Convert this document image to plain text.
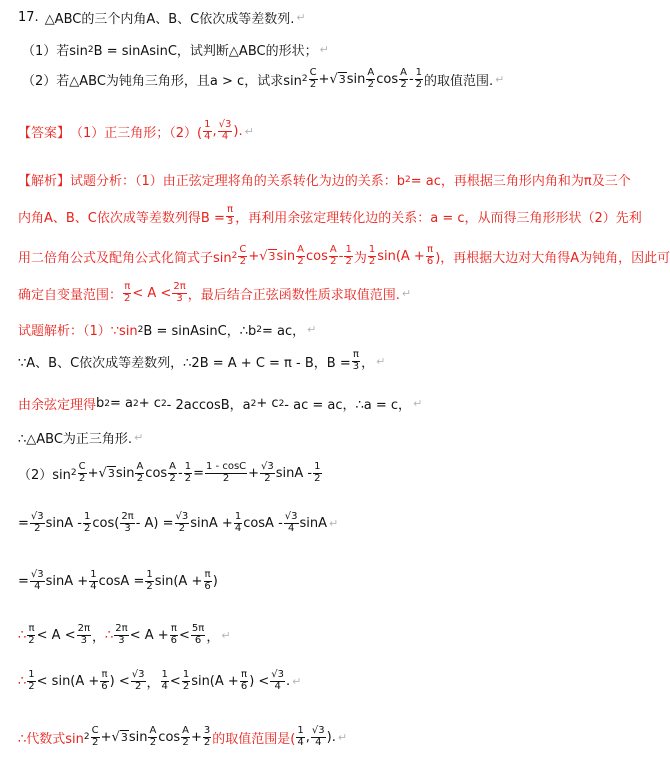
17. △ABC的三个内角A、B、C依次成等差数列. ↵
（1）若sin 2 B = sinAsinC，试判断△ABC的形状； ↵
（2）若△ABC为钝角三角形，且a > c，试求$\sin 2 \frac{C}{2}$ + √ 3 $\sin \frac{A}{2}$ $\cos \frac{A}{2} - \frac{1}{2}$ 的取值范围. ↵
【答案】 （1）正三角形；$(2)( \frac{1}{4}$ , $\frac{√3}{4}$ ). ↵
【解析】 试题分析：（1）由正弦定理将角的关系转化为边的关系：b 2 = ac，再根据三角形内角和为π及三个
内角A、B、C依次成等差数列得$B = \frac{\pi}{3}$ ，再利用余弦定理转化边的关系：a = c，从而得三角形形状（2）先利
用二倍角公式及配角公式化简式子$\sin 2 \frac{C}{2}$ + √ 3 $\sin \frac{A}{2}$ $\cos \frac{A}{2} - \frac{1}{2}$ 为 $\frac{1}{2} \sin(A + \frac{\pi}{6}$ )，再根据大边对大角得A为钝角，因此可
确定自变量范围： $\frac{\pi}{2} < A < \frac{2\pi}{3}$ ，最后结合正弦函数性质求取值范围. ↵
试题解析：（1）∵sin 2 B = sinAsinC，∴b 2 = ac， ↵
∵A、B、C依次成等差数列，∴2B = A + C = π - B，$B = \frac{\pi}{3}$ ， ↵
由余弦定理得 b 2 = a 2 + c 2 - 2accosB，a 2 + c 2 - ac = ac，∴a = c， ↵
∴△ABC为正三角形. ↵
（2）sin $2 \frac{C}{2}$ + √ 3 $\sin \frac{A}{2}$ $\cos \frac{A}{2} - \frac{1}{2} = \frac{1 - \cos C}{2} + \frac{√3}{2}$ sinA - $\frac{1}{2}$
= $\frac{√3}{2}$ $\sin A - \frac{1}{2} \cos( \frac{2\pi}{3} - A) = \frac{√3}{2}$ $\sin A + \frac{1}{4}$ cosA - $\frac{√3}{4}$ sinA ↵
= $\frac{√3}{4}$ $\sin A + \frac{1}{4}$ $\cos A = \frac{1}{2} \sin(A + \frac{\pi}{6}$ )
∴ $\frac{\pi}{2} < A < \frac{2\pi}{3}$ ， ∴ $\frac{2\pi}{3} < A + \frac{\pi}{6} < \frac{5\pi}{6}$ ， ↵
∴ $\frac{1}{2} < \sin(A + \frac{\pi}{6}$ ) < $\frac{√3}{2}$ ， $\frac{1}{4} < \frac{1}{2} \sin(A + \frac{\pi}{6}$ ) < $\frac{√3}{4}$ . ↵
∴代数式$\sin 2 \frac{C}{2}$ + √ 3 $\sin \frac{A}{2}$ $\cos \frac{A}{2} + \frac{3}{2}$ 的取值范围是( $\frac{1}{4}$ , $\frac{√3}{4}$ ). ↵
